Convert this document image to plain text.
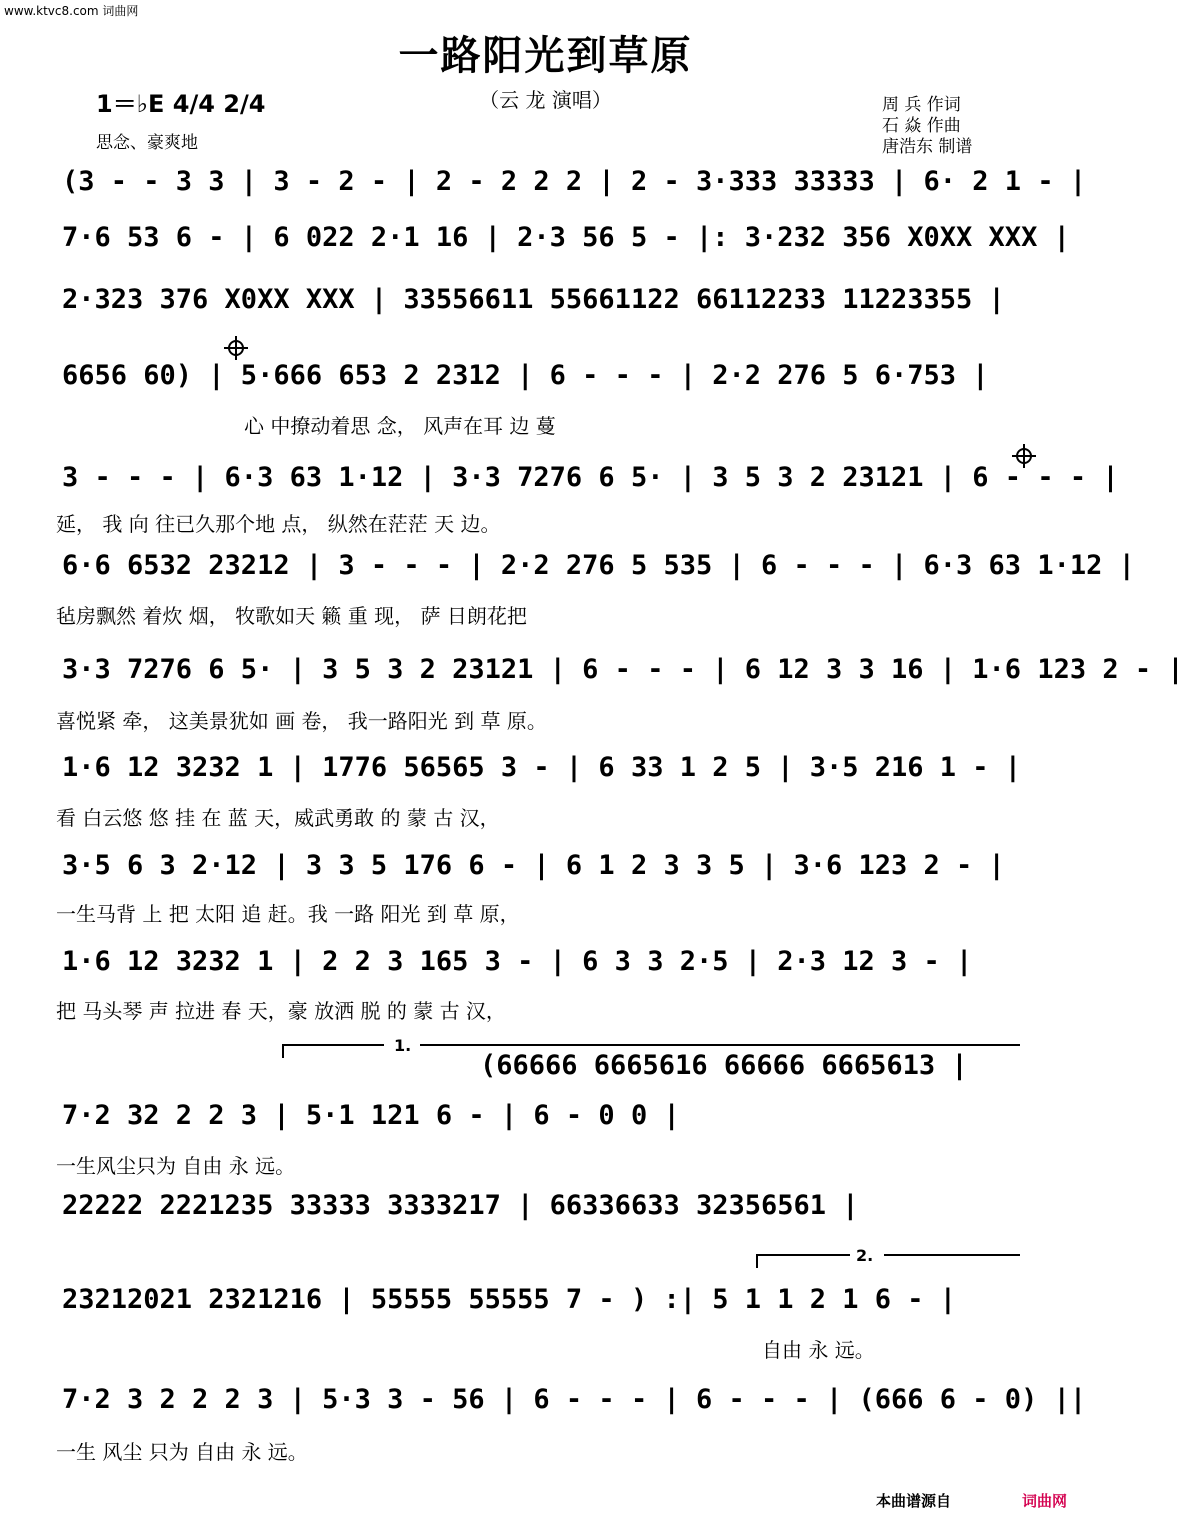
www.ktvc8.com 词曲网
一路阳光到草原
（云 龙 演唱）
1＝♭E 4/4 2/4
思念、豪爽地
周 兵 作词
石 焱 作曲
唐浩东 制谱
(3 - - 3 3 | 3 - 2 - | 2 - 2 2 2 | 2 - 3·333 33333 | 6· 2 1 - |
7·6 53 6 - | 6 022 2·1 16 | 2·3 56 5 - |: 3·232 356 X0XX XXX |
2·323 376 X0XX XXX | 33556611 55661122 66112233 11223355 |
6656 60) | 5·666 653 2 2312 | 6 - - - | 2·2 276 5 6·753 |
心 中撩动着思 念， 风声在耳 边 蔓
3 - - - | 6·3 63 1·12 | 3·3 7276 6 5· | 3 5 3 2 23121 | 6 - - - |
延， 我 向 往已久那个地 点， 纵然在茫茫 天 边。
6·6 6532 23212 | 3 - - - | 2·2 276 5 535 | 6 - - - | 6·3 63 1·12 |
毡房飘然 着炊 烟， 牧歌如天 籁 重 现， 萨 日朗花把
3·3 7276 6 5· | 3 5 3 2 23121 | 6 - - - | 6 12 3 3 16 | 1·6 123 2 - |
喜悦紧 牵， 这美景犹如 画 卷， 我一路阳光 到 草 原。
1·6 12 3232 1 | 1776 56565 3 - | 6 33 1 2 5 | 3·5 216 1 - |
看 白云悠 悠 挂 在 蓝 天，威武勇敢 的 蒙 古 汉，
3·5 6 3 2·12 | 3 3 5 176 6 - | 6 1 2 3 3 5 | 3·6 123 2 - |
一生马背 上 把 太阳 追 赶。我 一路 阳光 到 草 原，
1·6 12 3232 1 | 2 2 3 165 3 - | 6 3 3 2·5 | 2·3 12 3 - |
把 马头琴 声 拉进 春 天，豪 放洒 脱 的 蒙 古 汉，
1.
(66666 6665616 66666 6665613 |
7·2 32 2 2 3 | 5·1 121 6 - | 6 - 0 0 |
一生风尘只为 自由 永 远。
22222 2221235 33333 3333217 | 66336633 32356561 |
2.
23212021 2321216 | 55555 55555 7 - ) :| 5 1 1 2 1 6 - |
自由 永 远。
7·2 3 2 2 2 3 | 5·3 3 - 56 | 6 - - - | 6 - - - | (666 6 - 0) ||
一生 风尘 只为 自由 永 远。
本曲谱源自	词曲网
